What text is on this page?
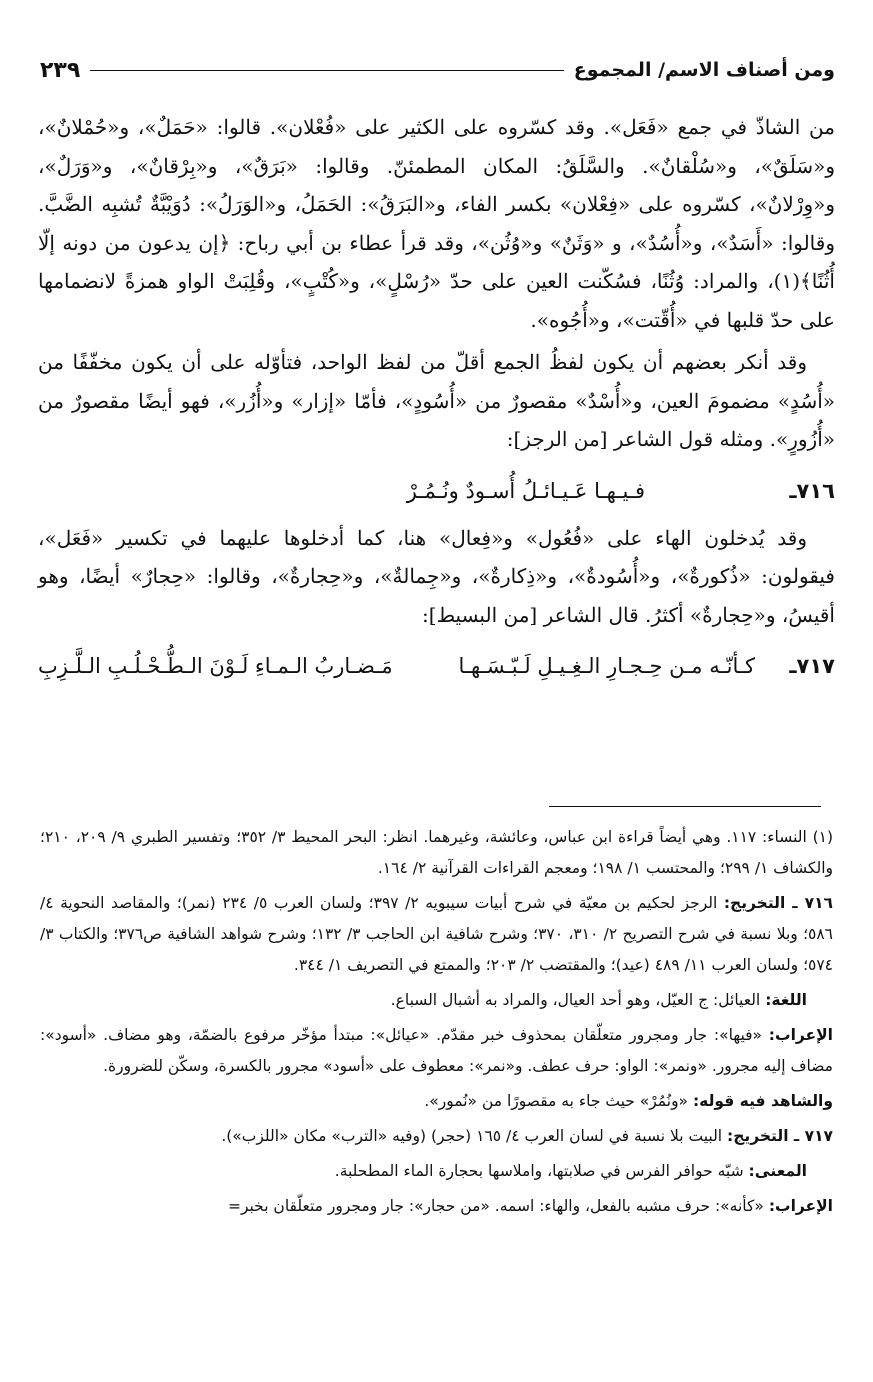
ومن أصناف الاسم/ المجموع
٢٣٩

من الشاذّ في جمع «فَعَل». وقد كسّروه على الكثير على «فُعْلان». قالوا: «حَمَلٌ»، و«حُمْلانٌ»، و«سَلَقٌ»، و«سُلْقانٌ». والسَّلَقُ: المكان المطمئنّ. وقالوا: «بَرَقٌ»، و«بِرْقانٌ»، و«وَرَلٌ»، و«وِرْلانٌ»، كسّروه على «فِعْلان» بكسر الفاء، و«البَرَقُ»: الحَمَلُ، و«الوَرَلُ»: دُوَيْبَّةٌ تُشبِه الضَّبَّ. وقالوا: «أَسَدٌ»، و«أُسُدٌ»، و «وَثَنٌ» و«وُثُن»، وقد قرأ عطاء بن أبي رباح: ﴿إن يدعون من دونه إلّا أُثُنًا﴾(١)، والمراد: وُثُنًا، فسُكّنت العين على حدّ «رُسْلٍ»، و«كُتْبٍ»، وقُلِبَتْ الواو همزةً لانضمامها على حدّ قلبها في «أُقّتت»، و«أُجُوه».

وقد أنكر بعضهم أن يكون لفظُ الجمع أقلّ من لفظ الواحد، فتأوّله على أن يكون مخفّفًا من «أُسُدٍ» مضمومَ العين، و«أُسْدٌ» مقصورٌ من «أُسُودٍ»، فأمّا «إزار» و«أُزُر»، فهو أيضًا مقصورٌ من «أُزُورٍ». ومثله قول الشاعر [من الرجز]:

٧١٦ـ
فـيـهـا عَـيـائـلُ أُسـودٌ ونُـمُـرْ

وقد يُدخلون الهاء على «فُعُول» و«فِعال» هنا، كما أدخلوها عليهما في تكسير «فَعَل»، فيقولون: «ذُكورةٌ»، و«أُسُودةٌ»، و«ذِكارةٌ»، و«جِمالةٌ»، و«حِجارةٌ»، وقالوا: «حِجارٌ» أيضًا، وهو أقيسُ، و«حِجارةٌ» أكثرُ. قال الشاعر [من البسيط]:

٧١٧ـ
كـأنّـه مـن حِـجـارِ الـغِـيـلِ لَـبّـسَـهـا
مَـضـاربُ الـمـاءِ لَـوْنَ الـطُّـحْـلُـبِ الـلَّـزِبِ

(١) النساء: ١١٧. وهي أيضاً قراءة ابن عباس، وعائشة، وغيرهما. انظر: البحر المحيط ٣/ ٣٥٢؛ وتفسير الطبري ٩/ ٢٠٩، ٢١٠؛ والكشاف ١/ ٢٩٩؛ والمحتسب ١/ ١٩٨؛ ومعجم القراءات القرآنية ٢/ ١٦٤.

٧١٦ ـ التخريج: الرجز لحكيم بن معيّة في شرح أبيات سيبويه ٢/ ٣٩٧؛ ولسان العرب ٥/ ٢٣٤ (نمر)؛ والمقاصد النحوية ٤/ ٥٨٦؛ وبلا نسبة في شرح التصريح ٢/ ٣١٠، ٣٧٠؛ وشرح شافية ابن الحاجب ٣/ ١٣٢؛ وشرح شواهد الشافية ص٣٧٦؛ والكتاب ٣/ ٥٧٤؛ ولسان العرب ١١/ ٤٨٩ (عيد)؛ والمقتضب ٢/ ٢٠٣؛ والممتع في التصريف ١/ ٣٤٤.

اللغة: العيائل: ج العيّل، وهو أحد العيال، والمراد به أشبال السباع.

الإعراب: «فيها»: جار ومجرور متعلّقان بمحذوف خبر مقدّم. «عيائل»: مبتدأ مؤخّر مرفوع بالضمّة، وهو مضاف. «أسود»: مضاف إليه مجرور. «ونمر»: الواو: حرف عطف. و«نمر»: معطوف على «أسود» مجرور بالكسرة، وسكّن للضرورة.

والشاهد فيه قوله: «ونُمُرْ» حيث جاء به مقصورًا من «نُمور».

٧١٧ ـ التخريج: البيت بلا نسبة في لسان العرب ٤/ ١٦٥ (حجر) (وفيه «الترب» مكان «اللزب»).

المعنى: شبّه حوافر الفرس في صلابتها، واملاسها بحجارة الماء المطحلبة.

الإعراب: «كأنه»: حرف مشبه بالفعل، والهاء: اسمه. «من حجار»: جار ومجرور متعلّقان بخبر=
